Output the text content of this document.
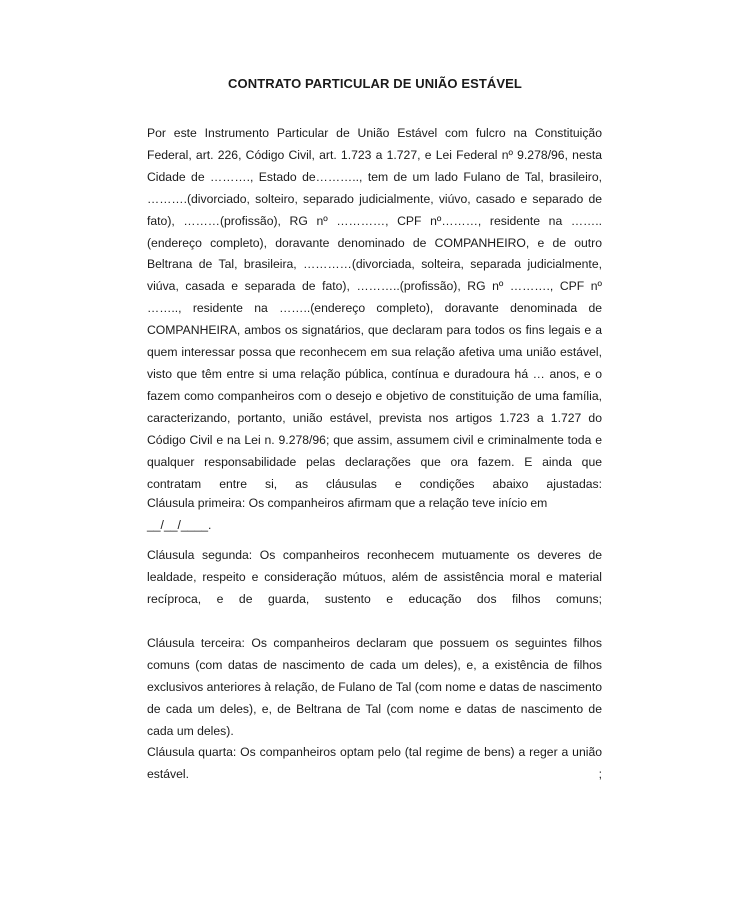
CONTRATO PARTICULAR DE UNIÃO ESTÁVEL

Por este Instrumento Particular de União Estável com fulcro na Constituição Federal, art. 226, Código Civil, art. 1.723 a 1.727, e Lei Federal nº 9.278/96, nesta Cidade de ………., Estado de……….., tem de um lado Fulano de Tal, brasileiro, ……….(divorciado, solteiro, separado judicialmente, viúvo, casado e separado de fato), ………(profissão), RG nº …………, CPF nº………, residente na ……..(endereço completo), doravante denominado de COMPANHEIRO, e de outro Beltrana de Tal, brasileira, …………(divorciada, solteira, separada judicialmente, viúva, casada e separada de fato), ………..(profissão), RG nº ………., CPF nº …….., residente na ……..(endereço completo), doravante denominada de COMPANHEIRA, ambos os signatários, que declaram para todos os fins legais e a quem interessar possa que reconhecem em sua relação afetiva uma união estável, visto que têm entre si uma relação pública, contínua e duradoura há … anos, e o fazem como companheiros com o desejo e objetivo de constituição de uma família, caracterizando, portanto, união estável, prevista nos artigos 1.723 a 1.727 do Código Civil e na Lei n. 9.278/96; que assim, assumem civil e criminalmente toda e qualquer responsabilidade pelas declarações que ora fazem. E ainda que contratam entre si, as cláusulas e condições abaixo ajustadas:

Cláusula primeira: Os companheiros afirmam que a relação teve início em __/__/____.

Cláusula segunda: Os companheiros reconhecem mutuamente os deveres de lealdade, respeito e consideração mútuos, além de assistência moral e material recíproca, e de guarda, sustento e educação dos filhos comuns;

Cláusula terceira: Os companheiros declaram que possuem os seguintes filhos comuns (com datas de nascimento de cada um deles), e, a existência de filhos exclusivos anteriores à relação, de Fulano de Tal (com nome e datas de nascimento de cada um deles), e, de Beltrana de Tal (com nome e datas de nascimento de cada um deles).

Cláusula quarta: Os companheiros optam pelo (tal regime de bens) a reger a união estável. ;
